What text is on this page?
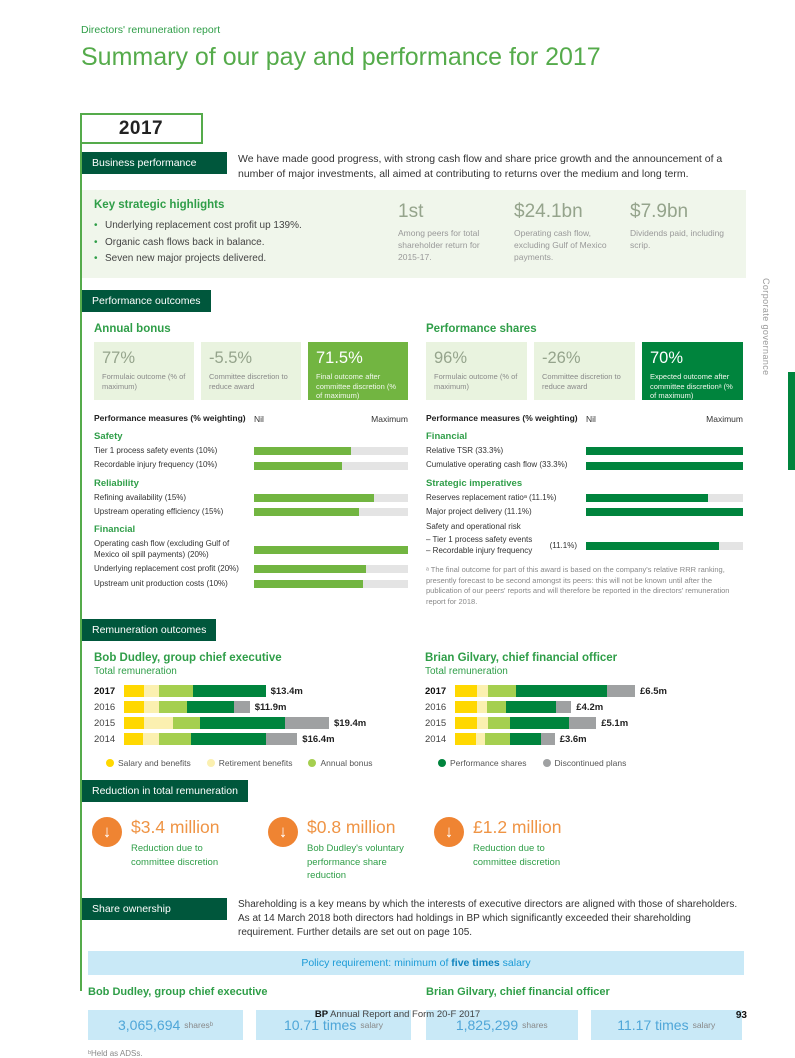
Directors' remuneration report
Summary of our pay and performance for 2017
Corporate governance
2017
Business performance	We have made good progress, with strong cash flow and share price growth and the announcement of a number of major investments, all aimed at contributing to returns over the medium and long term.

Key strategic highlights
• Underlying replacement cost profit up 139%.
• Organic cash flows back in balance.
• Seven new major projects delivered.
1st
Among peers for total shareholder return for 2015-17.
$24.1bn
Operating cash flow, excluding Gulf of Mexico payments.
$7.9bn
Dividends paid, including scrip.
Performance outcomes
Annual bonus
77%
Formulaic outcome (% of maximum)
-5.5%
Committee discretion to reduce award
71.5%
Final outcome after committee discretion (% of maximum)
Performance measures (% weighting) Nil	Maximum
Safety
Tier 1 process safety events (10%)
Recordable injury frequency (10%)
Reliability
Refining availability (15%)
Upstream operating efficiency (15%)
Financial
Operating cash flow (excluding Gulf of Mexico oil spill payments) (20%)
Underlying replacement cost profit (20%)
Upstream unit production costs (10%)
Performance shares
96%
Formulaic outcome (% of maximum)
-26%
Committee discretion to reduce award
70%
Expected outcome after committee discretionᵃ (% of maximum)
Performance measures (% weighting) Nil	Maximum
Financial
Relative TSR (33.3%)
Cumulative operating cash flow (33.3%)
Strategic imperatives
Reserves replacement ratioᵃ (11.1%)
Major project delivery (11.1%)
Safety and operational risk
– Tier 1 process safety events
– Recordable injury frequency
(11.1%)
ᵃ The final outcome for part of this award is based on the company's relative RRR ranking, presently forecast to be second amongst its peers: this will not be known until after the publication of our peers' reports and will therefore be reported in the directors' remuneration report for 2018.
Remuneration outcomes
Bob Dudley, group chief executive
Total remuneration
2017	$13.4m
2016	$11.9m
2015	$19.4m
2014	$16.4m
Brian Gilvary, chief financial officer
Total remuneration
2017	£6.5m
2016	£4.2m
2015	£5.1m
2014	£3.6m
Salary and benefits	Retirement benefits	Annual bonus	Performance shares	Discontinued plans
Reduction in total remuneration
↓	$3.4 million
Reduction due to committee discretion
↓	$0.8 million
Bob Dudley's voluntary performance share reduction
↓	£1.2 million
Reduction due to committee discretion
Share ownership	Shareholding is a key means by which the interests of executive directors are aligned with those of shareholders. As at 14 March 2018 both directors had holdings in BP which significantly exceeded their shareholding requirement. Further details are set out on page 105.

Policy requirement: minimum of five times salary
Bob Dudley, group chief executive
3,065,694 sharesᵇ	10.71 times salary
Brian Gilvary, chief financial officer
1,825,299 shares	11.17 times salary
ᵇHeld as ADSs.
BP Annual Report and Form 20-F 2017	93
